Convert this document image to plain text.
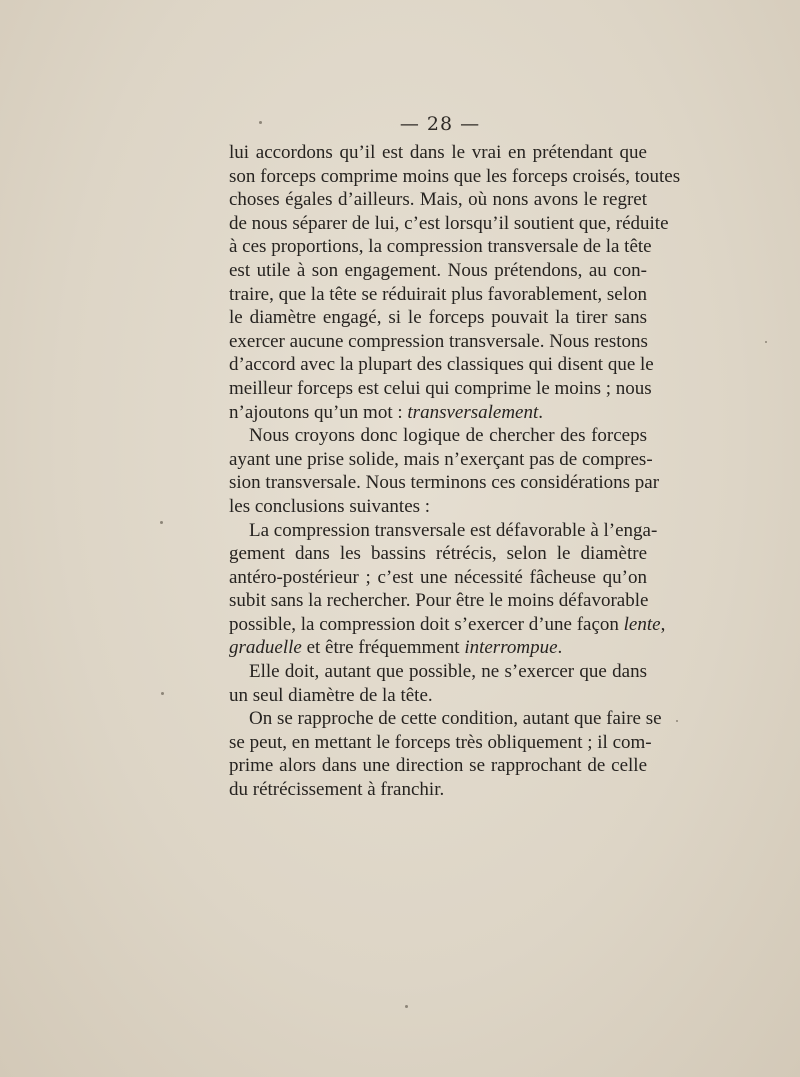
— 28 —
lui accordons qu’il est dans le vrai en prétendant que
son forceps comprime moins que les forceps croisés, toutes
choses égales d’ailleurs. Mais, où nons avons le regret
de nous séparer de lui, c’est lorsqu’il soutient que, réduite
à ces proportions, la compression transversale de la tête
est utile à son engagement. Nous prétendons, au con-
traire, que la tête se réduirait plus favorablement, selon
le diamètre engagé, si le forceps pouvait la tirer sans
exercer aucune compression transversale. Nous restons
d’accord avec la plupart des classiques qui disent que le
meilleur forceps est celui qui comprime le moins ; nous
n’ajoutons qu’un mot : transversalement.
Nous croyons donc logique de chercher des forceps
ayant une prise solide, mais n’exerçant pas de compres-
sion transversale. Nous terminons ces considérations par
les conclusions suivantes :
La compression transversale est défavorable à l’enga-
gement dans les bassins rétrécis, selon le diamètre
antéro-postérieur ; c’est une nécessité fâcheuse qu’on
subit sans la rechercher. Pour être le moins défavorable
possible, la compression doit s’exercer d’une façon lente,
graduelle et être fréquemment interrompue.
Elle doit, autant que possible, ne s’exercer que dans
un seul diamètre de la tête.
On se rapproche de cette condition, autant que faire se
se peut, en mettant le forceps très obliquement ; il com-
prime alors dans une direction se rapprochant de celle
du rétrécissement à franchir.
